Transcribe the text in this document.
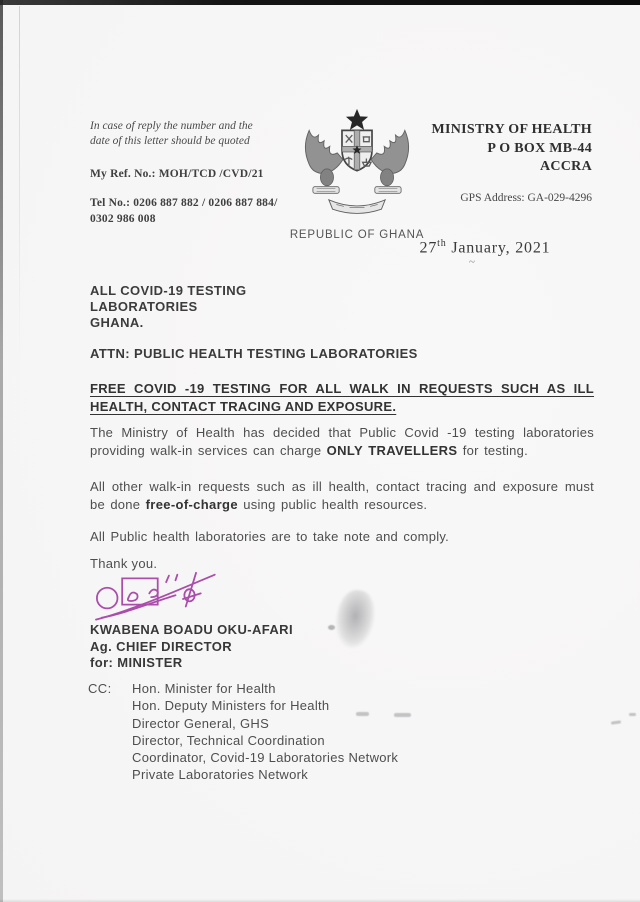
~
In case of reply the number and the
date of this letter should be quoted
My Ref. No.: MOH/TCD /CVD/21
Tel No.: 0206 887 882 / 0206 887 884/
0302 986 008
REPUBLIC OF GHANA
MINISTRY OF HEALTH
P O BOX MB-44
ACCRA
GPS Address: GA-029-4296
27th January, 2021
ALL COVID-19 TESTING
LABORATORIES
GHANA.
ATTN: PUBLIC HEALTH TESTING LABORATORIES
FREE COVID -19 TESTING FOR ALL WALK IN REQUESTS SUCH AS ILL HEALTH, CONTACT TRACING AND EXPOSURE.
The Ministry of Health has decided that Public Covid -19 testing laboratories providing walk-in services can charge ONLY TRAVELLERS for testing.
All other walk-in requests such as ill health, contact tracing and exposure must be done free-of-charge using public health resources.
All Public health laboratories are to take note and comply.
Thank you.
KWABENA BOADU OKU-AFARI
Ag. CHIEF DIRECTOR
for: MINISTER
CC:	Hon. Minister for Health
Hon. Deputy Ministers for Health
Director General, GHS
Director, Technical Coordination
Coordinator, Covid-19 Laboratories Network
Private Laboratories Network
